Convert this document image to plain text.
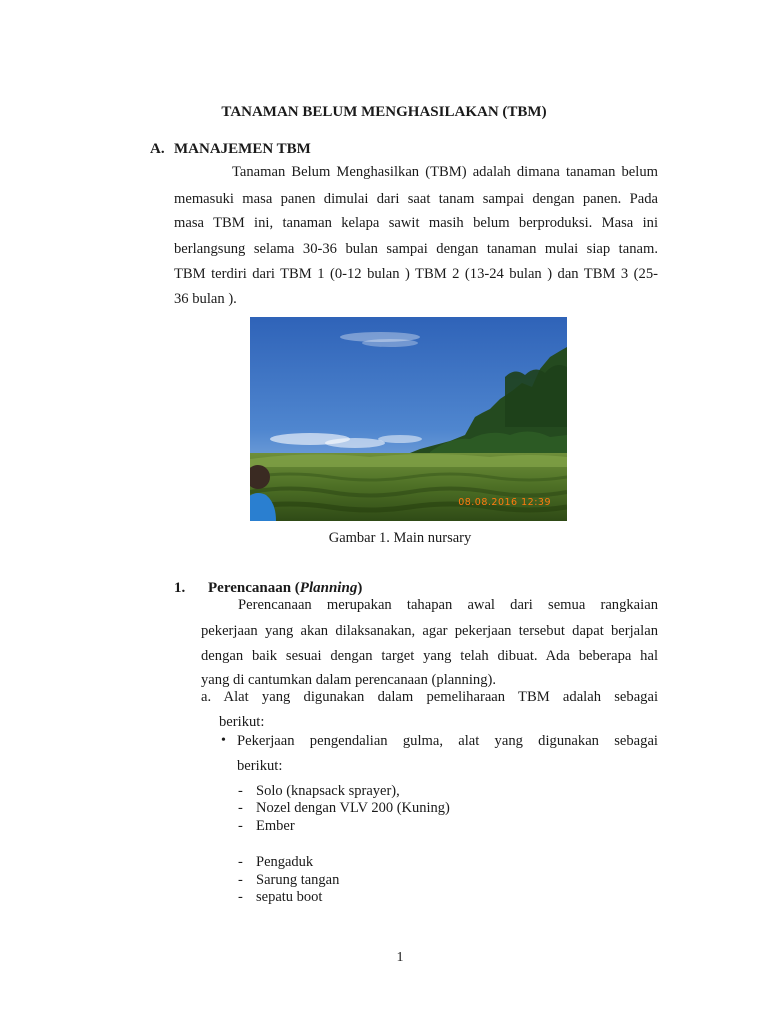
TANAMAN BELUM MENGHASILAKAN (TBM)
A. MANAJEMEN TBM
Tanaman Belum Menghasilkan (TBM) adalah dimana tanaman belum
memasuki masa panen dimulai dari saat tanam sampai dengan panen. Pada
masa TBM ini, tanaman kelapa sawit masih belum berproduksi. Masa ini
berlangsung selama 30-36 bulan sampai dengan tanaman mulai siap tanam.
TBM terdiri dari TBM 1 (0-12 bulan ) TBM 2 (13-24 bulan ) dan TBM 3 (25-
36 bulan ).
08.08.2016 12:39
Gambar 1. Main nursary
1. Perencanaan (Planning)
Perencanaan merupakan tahapan awal dari semua rangkaian
pekerjaan yang akan dilaksanakan, agar pekerjaan tersebut dapat berjalan
dengan baik sesuai dengan target yang telah dibuat. Ada beberapa hal
yang di cantumkan dalam perencanaan (planning).
a. Alat yang digunakan dalam pemeliharaan TBM adalah sebagai
berikut:
• Pekerjaan pengendalian gulma, alat yang digunakan sebagai
berikut:
- Solo (knapsack sprayer),
- Nozel dengan VLV 200 (Kuning)
- Ember
- Pengaduk
- Sarung tangan
- sepatu boot
1
